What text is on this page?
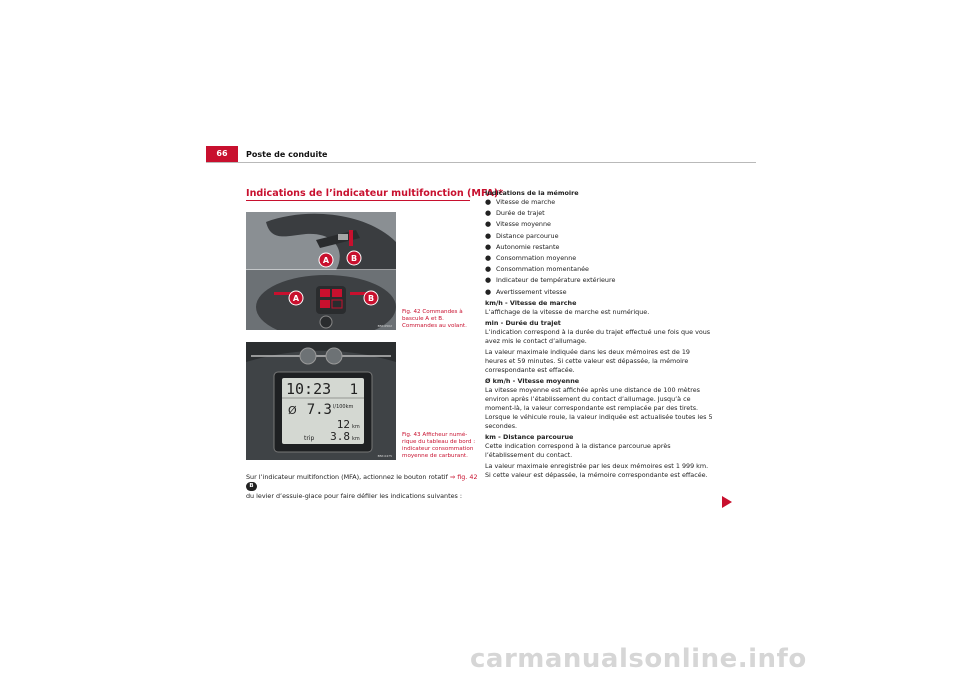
66	Poste de conduite
Indications de l’indicateur multifonction (MFA)*
A	B
A	B
B5P-0502
Fig. 42 Commandes à
bascule A et B.
Commandes au volant.
10:23 1
Ø 7.3 l/100km
12 km
trip 3.8 km
B5P-0475
Fig. 43 Afficheur numé-
rique du tableau de bord :
indicateur consommation
moyenne de carburant.
Sur l’indicateur multifonction (MFA), actionnez le bouton rotatif ⇒ fig. 42 B
du levier d’essuie-glace pour faire défiler les indications suivantes :
Indications de la mémoire
● Vitesse de marche
● Durée de trajet
● Vitesse moyenne
● Distance parcourue
● Autonomie restante
● Consommation moyenne
● Consommation momentanée
● Indicateur de température extérieure
● Avertissement vitesse
km/h - Vitesse de marche

L’affichage de la vitesse de marche est numérique.

min - Durée du trajet

L’indication correspond à la durée du trajet effectué une fois que vous avez mis le contact d’allumage.

La valeur maximale indiquée dans les deux mémoires est de 19 heures et 59 minutes. Si cette valeur est dépassée, la mémoire correspondante est effacée.

Ø km/h - Vitesse moyenne

La vitesse moyenne est affichée après une distance de 100 mètres environ après l’établissement du contact d’allumage. Jusqu’à ce moment-là, la valeur correspondante est remplacée par des tirets. Lorsque le véhicule roule, la valeur indiquée est actualisée toutes les 5 secondes.

km - Distance parcourue

Cette indication correspond à la distance parcourue après l’établissement du contact.

La valeur maximale enregistrée par les deux mémoires est 1 999 km. Si cette valeur est dépassée, la mémoire correspondante est effacée.

carmanualsonline.info
